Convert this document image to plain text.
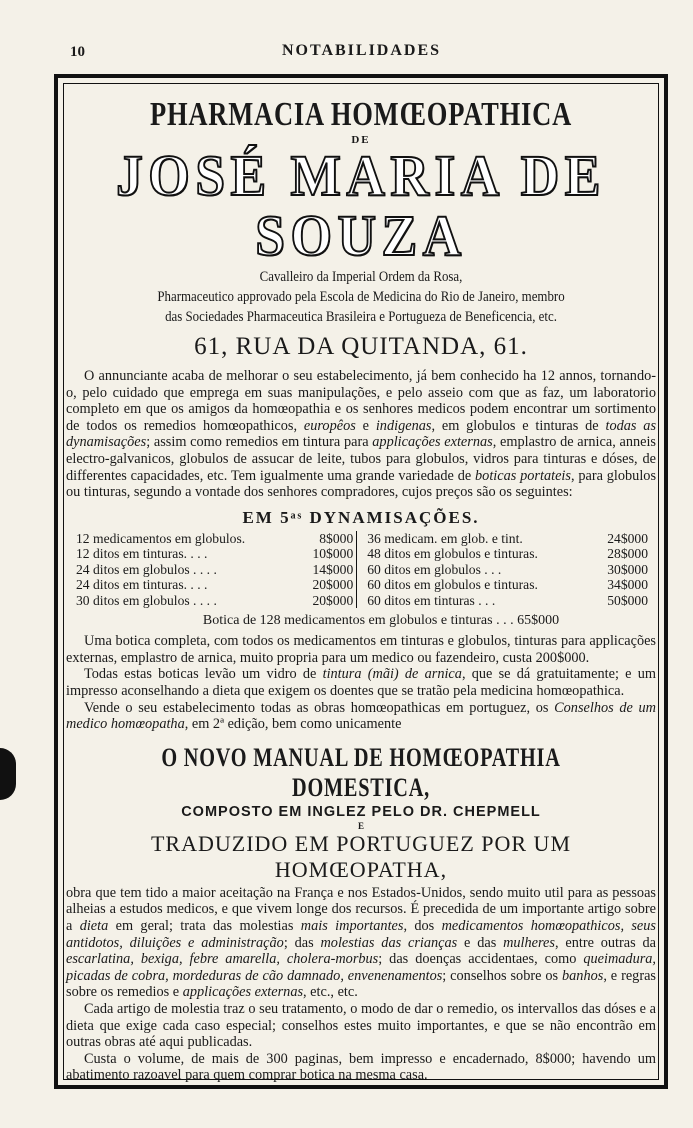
10	NOTABILIDADES
PHARMACIA HOMŒOPATHICA
DE
JOSÉ MARIA DE SOUZA
Cavalleiro da Imperial Ordem da Rosa,
Pharmaceutico approvado pela Escola de Medicina do Rio de Janeiro, membro
das Sociedades Pharmaceutica Brasileira e Portugueza de Beneficencia, etc.
61, RUA DA QUITANDA, 61.

O annunciante acaba de melhorar o seu estabelecimento, já bem conhecido ha 12 annos, tornando-o, pelo cuidado que emprega em suas manipulações, e pelo asseio com que as faz, um laboratorio completo em que os amigos da homœopathia e os senhores medicos podem encontrar um sortimento de todos os remedios homœopathicos, europêos e indigenas, em globulos e tinturas de todas as dynamisações; assim como remedios em tintura para applicações externas, emplastro de arnica, anneis electro-galvanicos, globulos de assucar de leite, tubos para globulos, vidros para tinturas e dóses, de differentes capacidades, etc. Tem igualmente uma grande variedade de boticas portateis, para globulos ou tinturas, segundo a vontade dos senhores compradores, cujos preços são os seguintes:

EM 5ᵃˢ DYNAMISAÇÕES.
12 medicamentos em globulos.	8$000	36 medicam. em glob. e tint.	24$000
12 ditos em tinturas. . . .	10$000	48 ditos em globulos e tinturas.	28$000
24 ditos em globulos . . . .	14$000	60 ditos em globulos . . .	30$000
24 ditos em tinturas. . . .	20$000	60 ditos em globulos e tinturas.	34$000
30 ditos em globulos . . . .	20$000	60 ditos em tinturas . . .	50$000
Botica de 128 medicamentos em globulos e tinturas . . . 65$000

Uma botica completa, com todos os medicamentos em tinturas e globulos, tinturas para applicações externas, emplastro de arnica, muito propria para um medico ou fazendeiro, custa 200$000.

Todas estas boticas levão um vidro de tintura (mãi) de arnica, que se dá gratuitamente; e um impresso aconselhando a dieta que exigem os doentes que se tratão pela medicina homœopathica.

Vende o seu estabelecimento todas as obras homœopathicas em portuguez, os Conselhos de um medico homœopatha, em 2ª edição, bem como unicamente

O NOVO MANUAL DE HOMŒOPATHIA DOMESTICA,
COMPOSTO EM INGLEZ PELO DR. CHEPMELL
E
TRADUZIDO EM PORTUGUEZ POR UM HOMŒOPATHA,

obra que tem tido a maior aceitação na França e nos Estados-Unidos, sendo muito util para as pessoas alheias a estudos medicos, e que vivem longe dos recursos. É precedida de um importante artigo sobre a dieta em geral; trata das molestias mais importantes, dos medicamentos homœopathicos, seus antidotos, diluições e administração; das molestias das crianças e das mulheres, entre outras da escarlatina, bexiga, febre amarella, cholera-morbus; das doenças accidentaes, como queimadura, picadas de cobra, mordeduras de cão damnado, envenenamentos; conselhos sobre os banhos, e regras sobre os remedios e applicações externas, etc., etc.

Cada artigo de molestia traz o seu tratamento, o modo de dar o remedio, os intervallos das dóses e a dieta que exige cada caso especial; conselhos estes muito importantes, e que se não encontrão em outras obras até aqui publicadas.

Custa o volume, de mais de 300 paginas, bem impresso e encadernado, 8$000; havendo um abatimento razoavel para quem comprar botica na mesma casa.
